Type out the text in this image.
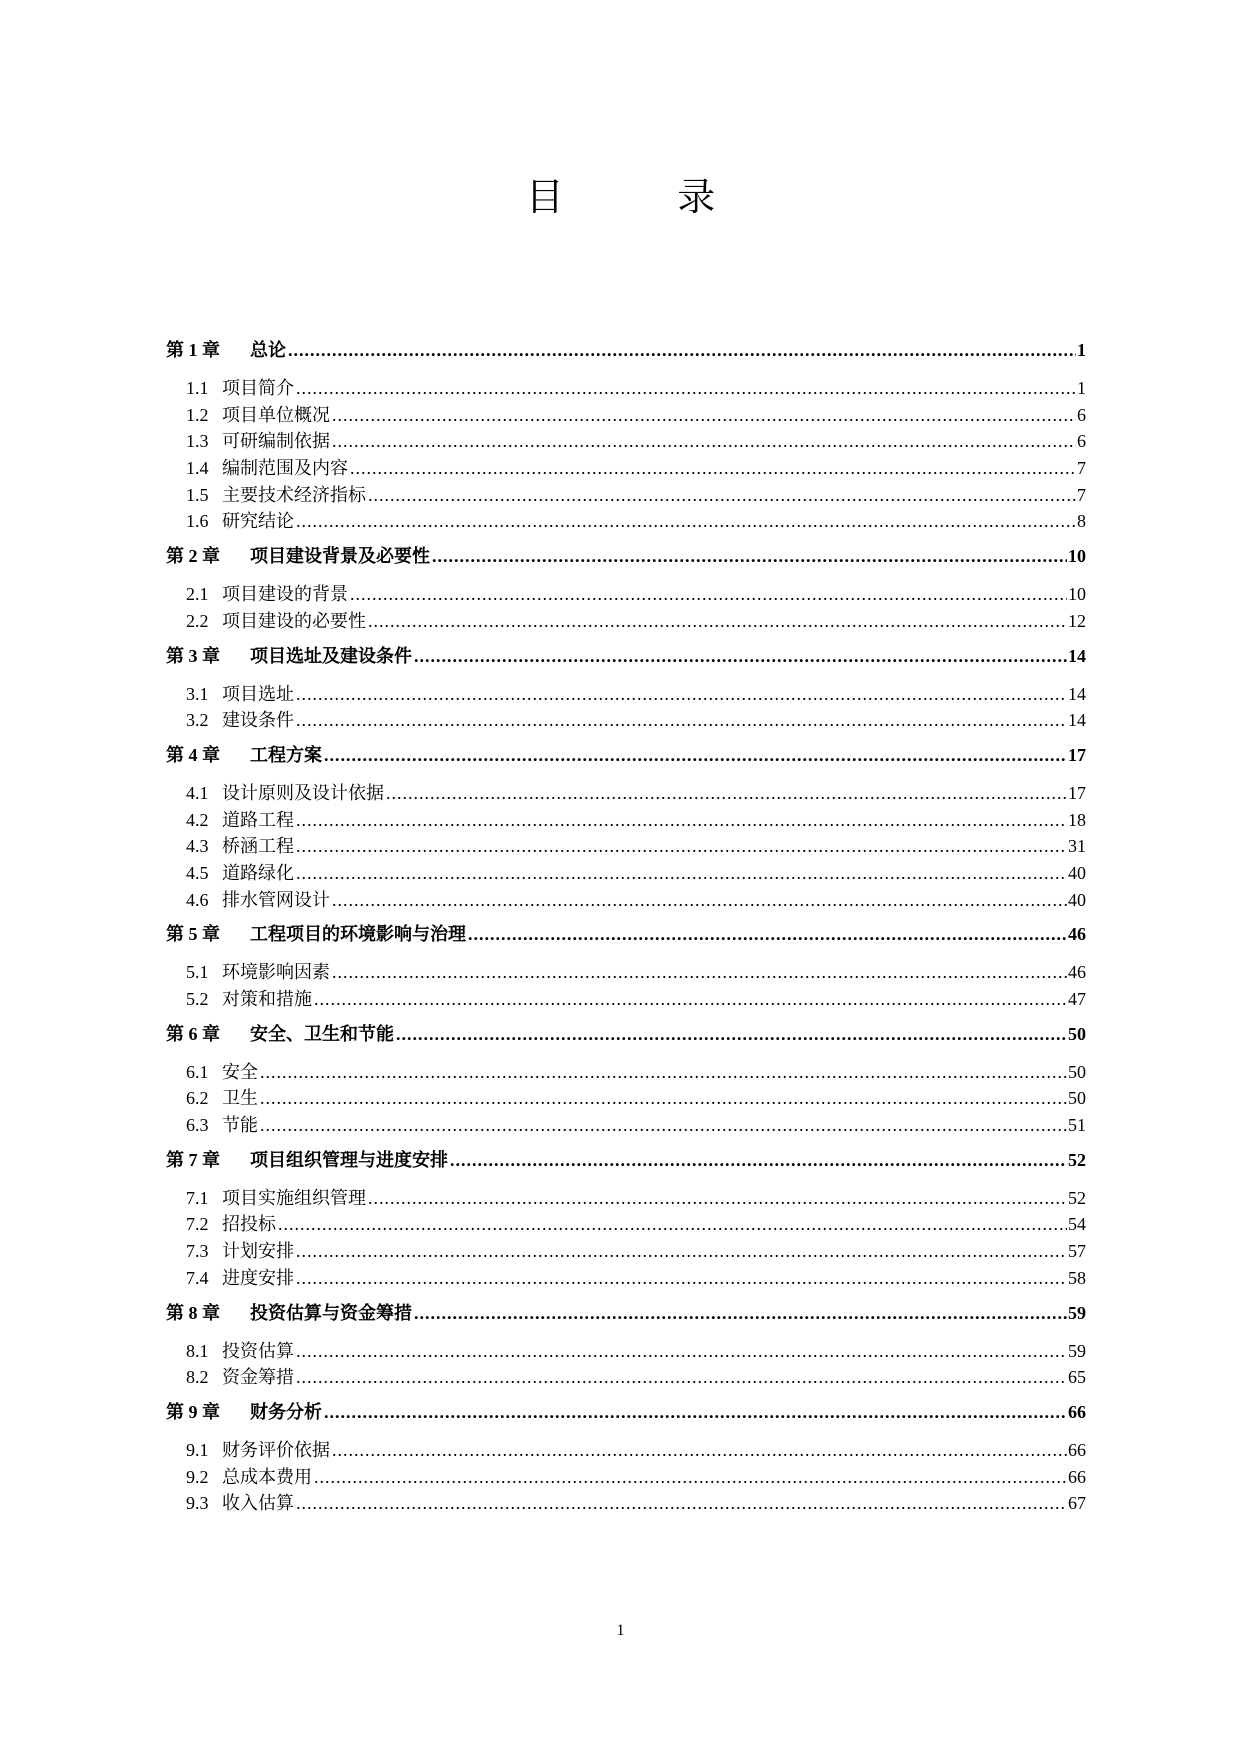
目 录
第 1 章	总论 .....	1
1.1 项目简介 .....	1
1.2 项目单位概况 .....	6
1.3 可研编制依据 .....	6
1.4 编制范围及内容 .....	7
1.5 主要技术经济指标 .....	7
1.6 研究结论 .....	8
第 2 章	项目建设背景及必要性 .....	10
2.1 项目建设的背景 .....	10
2.2 项目建设的必要性 .....	12
第 3 章	项目选址及建设条件 .....	14
3.1 项目选址 .....	14
3.2 建设条件 .....	14
第 4 章	工程方案 .....	17
4.1 设计原则及设计依据 .....	17
4.2 道路工程 .....	18
4.3 桥涵工程 .....	31
4.5 道路绿化 .....	40
4.6 排水管网设计 .....	40
第 5 章	工程项目的环境影响与治理 .....	46
5.1 环境影响因素 .....	46
5.2 对策和措施 .....	47
第 6 章	安全、卫生和节能 .....	50
6.1 安全 .....	50
6.2 卫生 .....	50
6.3 节能 .....	51
第 7 章	项目组织管理与进度安排 .....	52
7.1 项目实施组织管理 .....	52
7.2 招投标 .....	54
7.3 计划安排 .....	57
7.4 进度安排 .....	58
第 8 章	投资估算与资金筹措 .....	59
8.1 投资估算 .....	59
8.2 资金筹措 .....	65
第 9 章	财务分析 .....	66
9.1 财务评价依据 .....	66
9.2 总成本费用 .....	66
9.3 收入估算 .....	67
1
